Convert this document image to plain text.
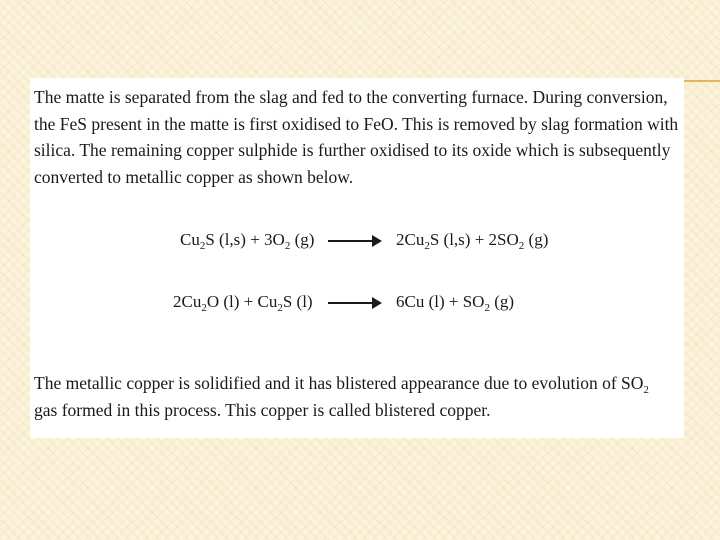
The matte is separated from the slag and fed to the converting furnace. During conversion,
the FeS present in the matte is first oxidised to FeO. This is removed by slag formation with
silica. The remaining copper sulphide is further oxidised to its oxide which is subsequently
converted to metallic copper as shown below.

$Cu_2S$ $(l,s) + 3O_2$ $(g) \to 2Cu_2S$ $(l,s) + 2SO_2$ (g)
$2Cu_2O$ $(l) + Cu_2S$ (l) → 6Cu $(l) + SO_2$ (g)

The metallic copper is solidified and it has blistered appearance due to evolution of $SO_2$
gas formed in this process. This copper is called blistered copper.
